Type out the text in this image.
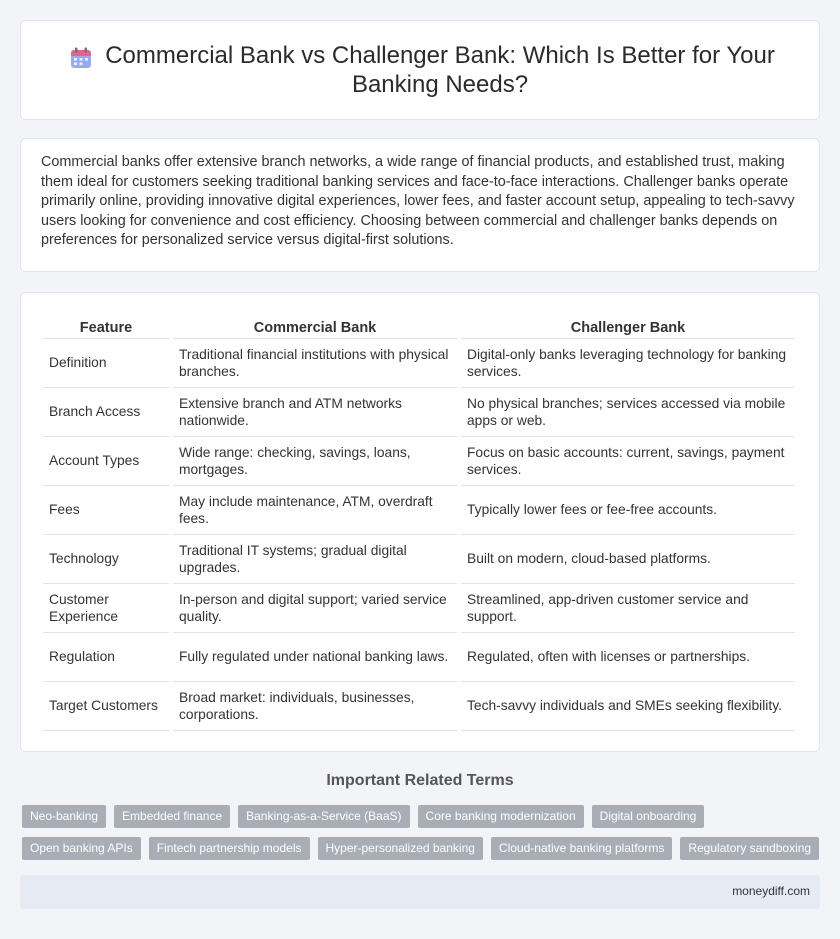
Commercial Bank vs Challenger Bank: Which Is Better for Your Banking Needs?

Commercial banks offer extensive branch networks, a wide range of financial products, and established trust, making them ideal for customers seeking traditional banking services and face-to-face interactions. Challenger banks operate primarily online, providing innovative digital experiences, lower fees, and faster account setup, appealing to tech-savvy users looking for convenience and cost efficiency. Choosing between commercial and challenger banks depends on preferences for personalized service versus digital-first solutions.

Feature	Commercial Bank	Challenger Bank
Definition	Traditional financial institutions with physical branches.	Digital-only banks leveraging technology for banking services.
Branch Access	Extensive branch and ATM networks nationwide.	No physical branches; services accessed via mobile apps or web.
Account Types	Wide range: checking, savings, loans, mortgages.	Focus on basic accounts: current, savings, payment services.
Fees	May include maintenance, ATM, overdraft fees.	Typically lower fees or fee-free accounts.
Technology	Traditional IT systems; gradual digital upgrades.	Built on modern, cloud-based platforms.
Customer Experience	In-person and digital support; varied service quality.	Streamlined, app-driven customer service and support.
Regulation	Fully regulated under national banking laws.	Regulated, often with licenses or partnerships.
Target Customers	Broad market: individuals, businesses, corporations.	Tech-savvy individuals and SMEs seeking flexibility.
Important Related Terms
Neo-banking	Embedded finance	Banking-as-a-Service (BaaS)	Core banking modernization	Digital onboarding
Open banking APIs	Fintech partnership models	Hyper-personalized banking	Cloud-native banking platforms	Regulatory sandboxing
moneydiff.com
